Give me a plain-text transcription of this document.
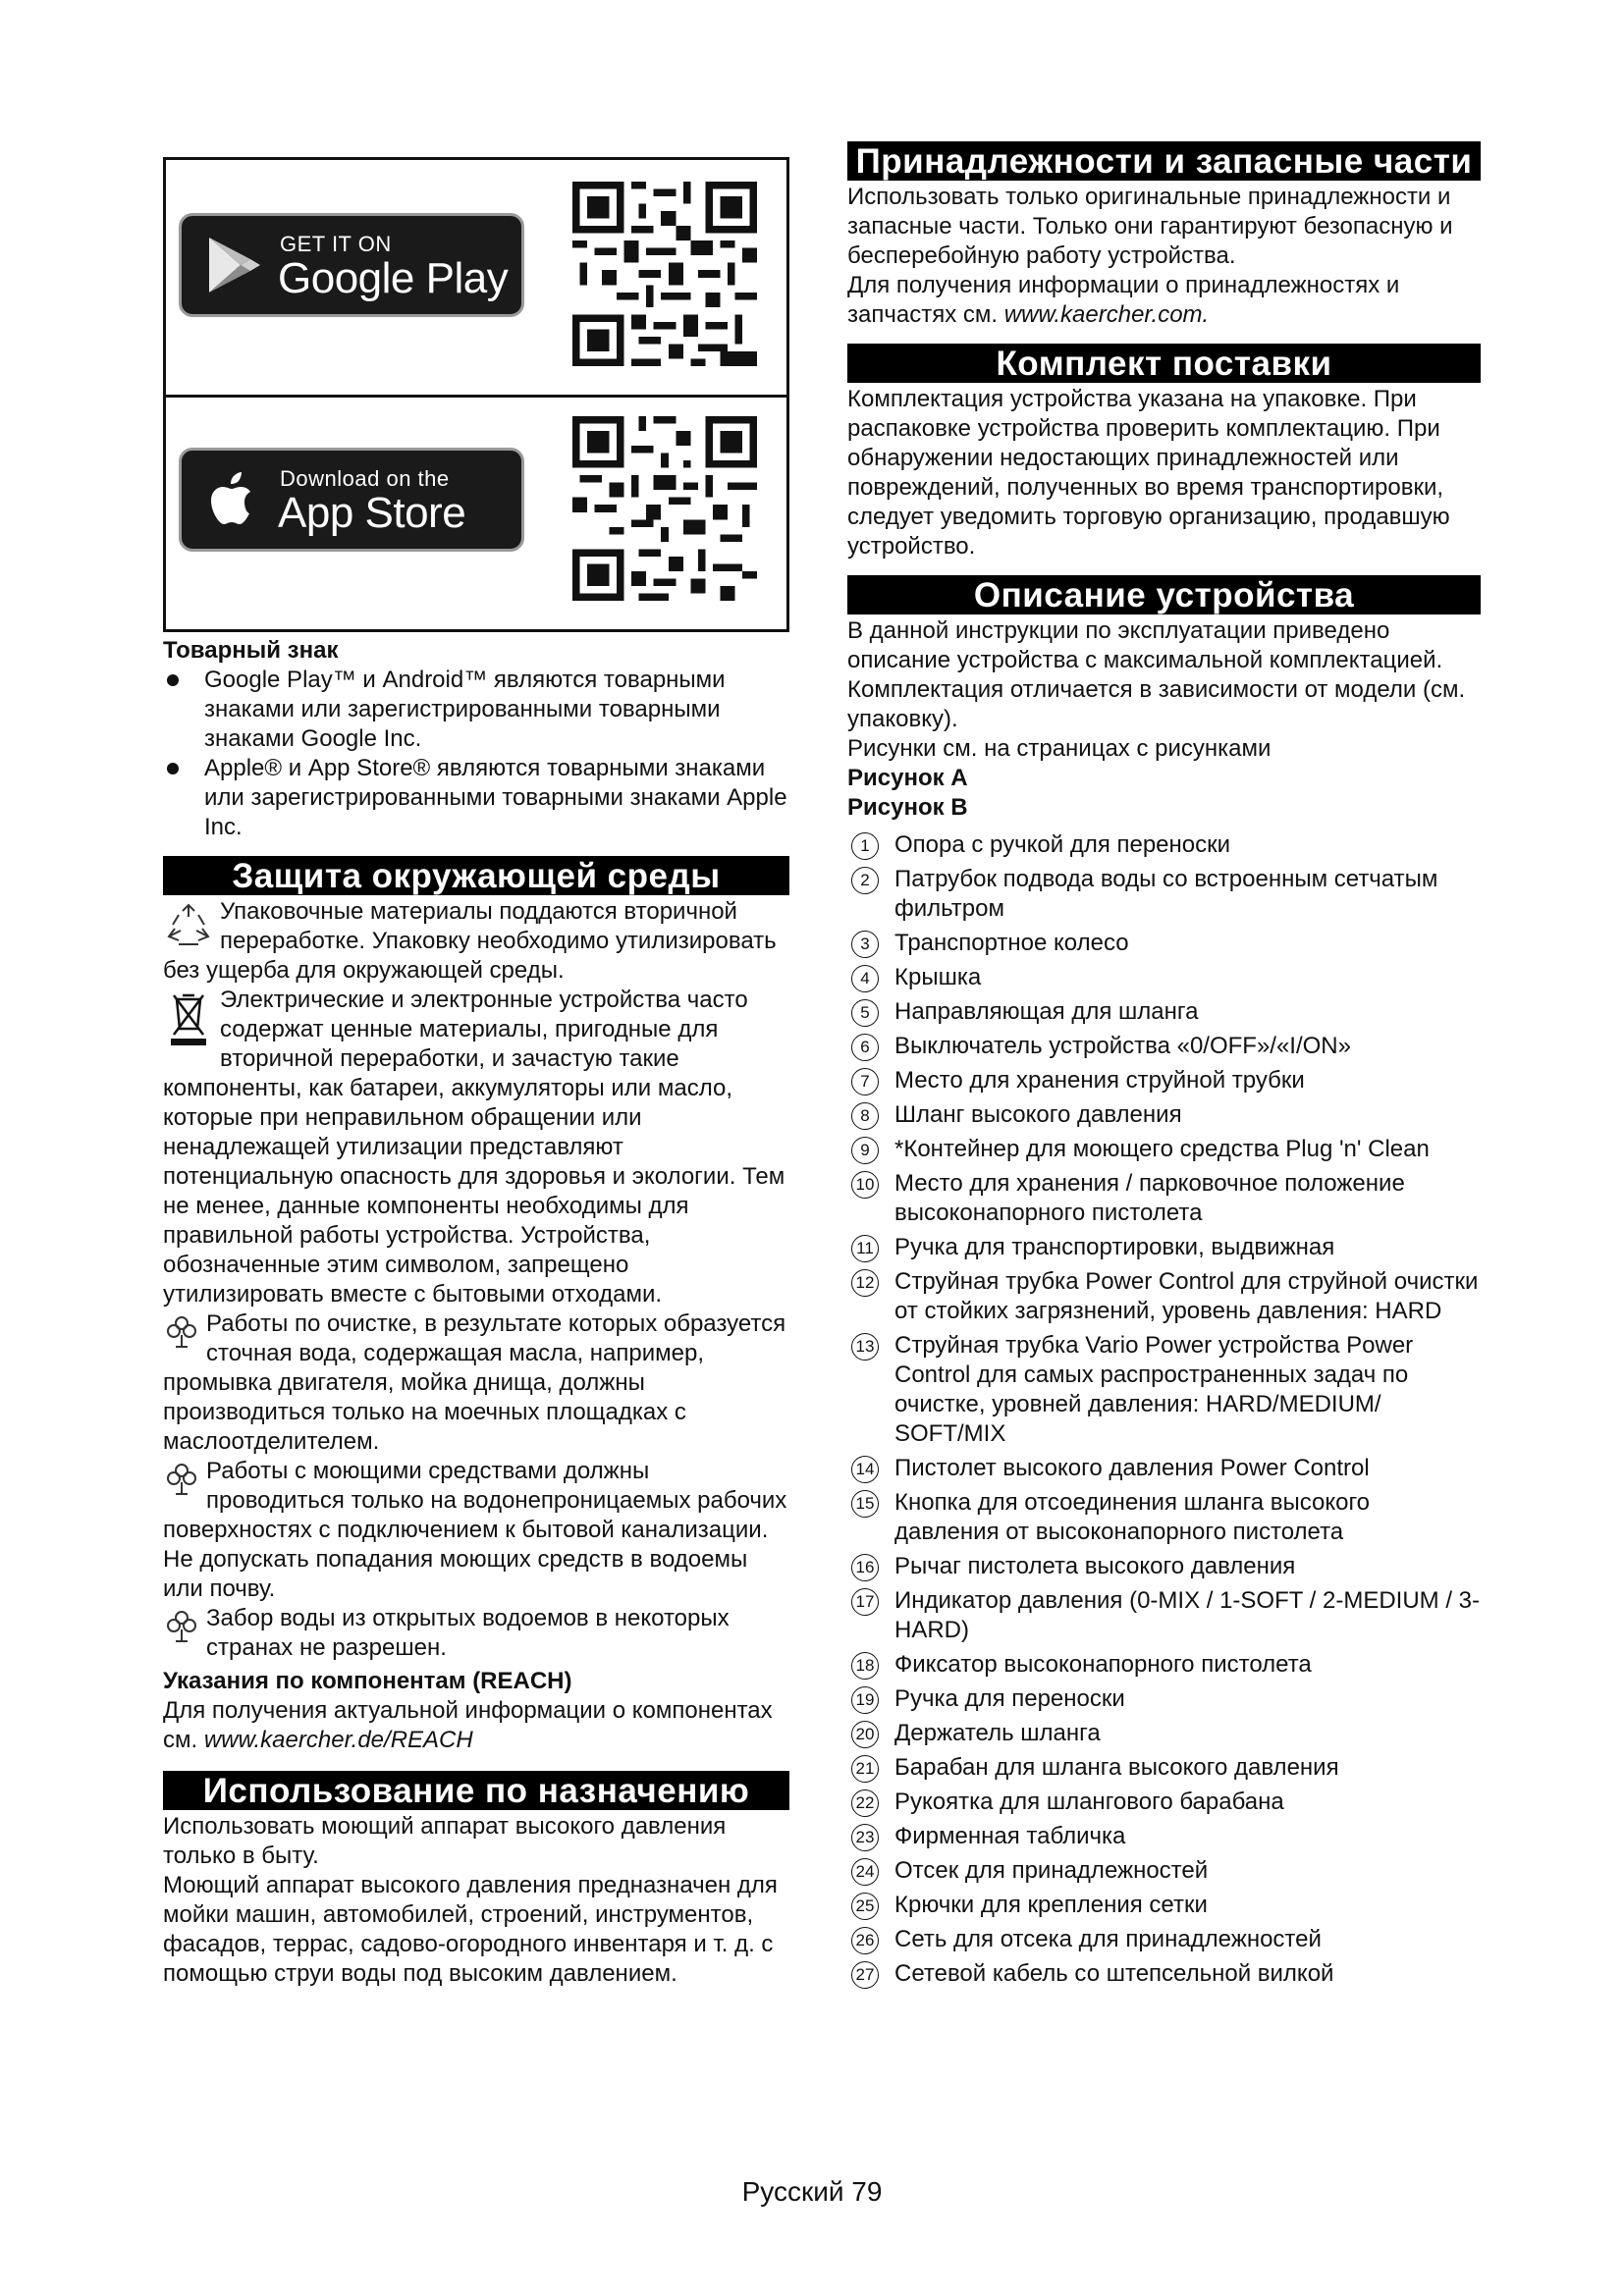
GET IT ON
Google Play
Download on the
App Store

Товарный знак

Google Play™ и Android™ являются товарными знаками или зарегистрированными товарными знаками Google Inc.
Apple® и App Store® являются товарными знаками или зарегистрированными товарными знаками Apple Inc.
Защита окружающей среды

Упаковочные материалы поддаются вторичной переработке. Упаковку необходимо утилизировать без ущерба для окружающей среды.

Электрические и электронные устройства часто содержат ценные материалы, пригодные для вторичной переработки, и зачастую такие компоненты, как батареи, аккумуляторы или масло, которые при неправильном обращении или ненадлежащей утилизации представляют потенциальную опасность для здоровья и экологии. Тем не менее, данные компоненты необходимы для правильной работы устройства. Устройства, обозначенные этим символом, запрещено утилизировать вместе с бытовыми отходами.

Работы по очистке, в результате которых образуется сточная вода, содержащая масла, например, промывка двигателя, мойка днища, должны производиться только на моечных площадках с маслоотделителем.

Работы с моющими средствами должны проводиться только на водонепроницаемых рабочих поверхностях с подключением к бытовой канализации. Не допускать попадания моющих средств в водоемы или почву.

Забор воды из открытых водоемов в некоторых странах не разрешен.

Указания по компонентам (REACH)

Для получения актуальной информации о компонентах см. www.kaercher.de/REACH

Использование по назначению

Использовать моющий аппарат высокого давления только в быту.

Моющий аппарат высокого давления предназначен для мойки машин, автомобилей, строений, инструментов, фасадов, террас, садово-огородного инвентаря и т. д. с помощью струи воды под высоким давлением.

Принадлежности и запасные части

Использовать только оригинальные принадлежности и запасные части. Только они гарантируют безопасную и бесперебойную работу устройства.

Для получения информации о принадлежностях и запчастях см. www.kaercher.com.

Комплект поставки

Комплектация устройства указана на упаковке. При распаковке устройства проверить комплектацию. При обнаружении недостающих принадлежностей или повреждений, полученных во время транспортировки, следует уведомить торговую организацию, продавшую устройство.

Описание устройства

В данной инструкции по эксплуатации приведено описание устройства с максимальной комплектацией. Комплектация отличается в зависимости от модели (см. упаковку).

Рисунки см. на страницах с рисунками

Рисунок A

Рисунок B

1	Опора с ручкой для переноски
2	Патрубок подвода воды со встроенным сетчатым фильтром
3	Транспортное колесо
4	Крышка
5	Направляющая для шланга
6	Выключатель устройства «0/OFF»/«I/ON»
7	Место для хранения струйной трубки
8	Шланг высокого давления
9	*Контейнер для моющего средства Plug 'n' Clean
10 Место для хранения / парковочное положение высоконапорного пистолета
11 Ручка для транспортировки, выдвижная
12 Струйная трубка Power Control для струйной очистки от стойких загрязнений, уровень давления: HARD
13 Струйная трубка Vario Power устройства Power Control для самых распространенных задач по очистке, уровней давления: HARD/MEDIUM/ SOFT/MIX
14 Пистолет высокого давления Power Control
15 Кнопка для отсоединения шланга высокого давления от высоконапорного пистолета
16 Рычаг пистолета высокого давления
17 Индикатор давления (0-MIX / 1-SOFT / 2-MEDIUM / 3-HARD)
18 Фиксатор высоконапорного пистолета
19 Ручка для переноски
20 Держатель шланга
21 Барабан для шланга высокого давления
22 Рукоятка для шлангового барабана
23 Фирменная табличка
24 Отсек для принадлежностей
25 Крючки для крепления сетки
26 Сеть для отсека для принадлежностей
27 Сетевой кабель со штепсельной вилкой
Русский 79
